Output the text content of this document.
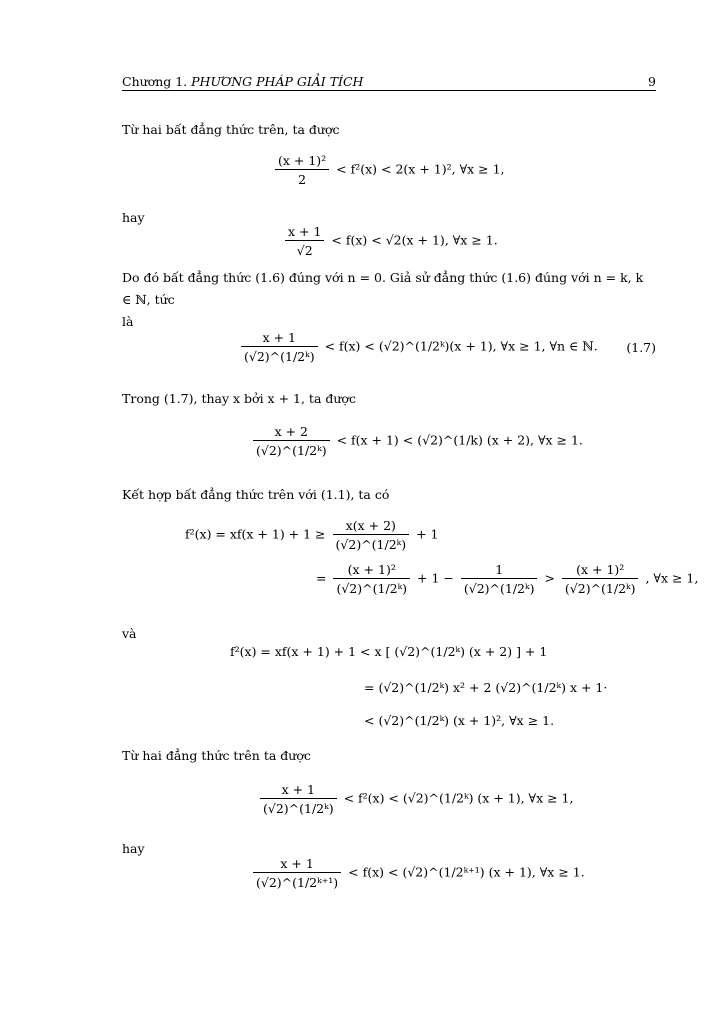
Chương 1. PHƯƠNG PHÁP GIẢI TÍCH	9
Từ hai bất đẳng thức trên, ta được
$\frac{\text{(x + 1)²}}{2} < f^2(x) < 2(x + 1)^2$, ∀x ≥ 1,
hay
$\frac{x + 1}{√2} < f(x) < √2(x + 1)$, ∀x ≥ 1.
Do đó bất đẳng thức (1.6) đúng với n = 0. Giả sử đẳng thức (1.6) đúng với n = k, k ∈ ℕ, tức
là
$\frac{x + 1}{\text{(√2)\textasciicircum{}(1/2ᵏ)}} < f(x)$ < (√2)^(1/2ᵏ)(x + 1), ∀x ≥ 1, ∀n ∈ ℕ. (1.7)
Trong (1.7), thay x bởi x + 1, ta được
$\frac{x + 2}{\text{(√2)\textasciicircum{}(1/2ᵏ)}} < f(x + 1)$ < (√2)^(1/k) (x + 2), ∀x ≥ 1.
Kết hợp bất đẳng thức trên với (1.1), ta có
$f^2(x) = xf(x + 1) + 1 \ge \frac{x(x + 2)}{\text{(√2)\textasciicircum{}(1/2ᵏ)}} + 1$
= $\frac{\text{(x + 1)²}}{\text{(√2)\textasciicircum{}(1/2ᵏ)}} + 1 - \frac{1}{\text{(√2)\textasciicircum{}(1/2ᵏ)}} > \frac{\text{(x + 1)²}}{\text{(√2)\textasciicircum{}(1/2ᵏ)}}$ , ∀x ≥ 1,
và
f²(x) = xf(x + 1) + 1 < x [ (√2)^(1/2ᵏ) (x + 2) ] + 1
= (√2)^(1/2ᵏ) x² + 2 (√2)^(1/2ᵏ) x + 1·
< (√2)^(1/2ᵏ) (x + 1)², ∀x ≥ 1.
Từ hai đẳng thức trên ta được
$\frac{x + 1}{\text{(√2)\textasciicircum{}(1/2ᵏ)}} < f^2(x)$ < (√2)^(1/2ᵏ) (x + 1), ∀x ≥ 1,
hay
$\frac{x + 1}{\text{(√2)\textasciicircum{}(1/2ᵏ⁺¹)}} < f(x)$ < (√2)^(1/2ᵏ⁺¹) (x + 1), ∀x ≥ 1.
